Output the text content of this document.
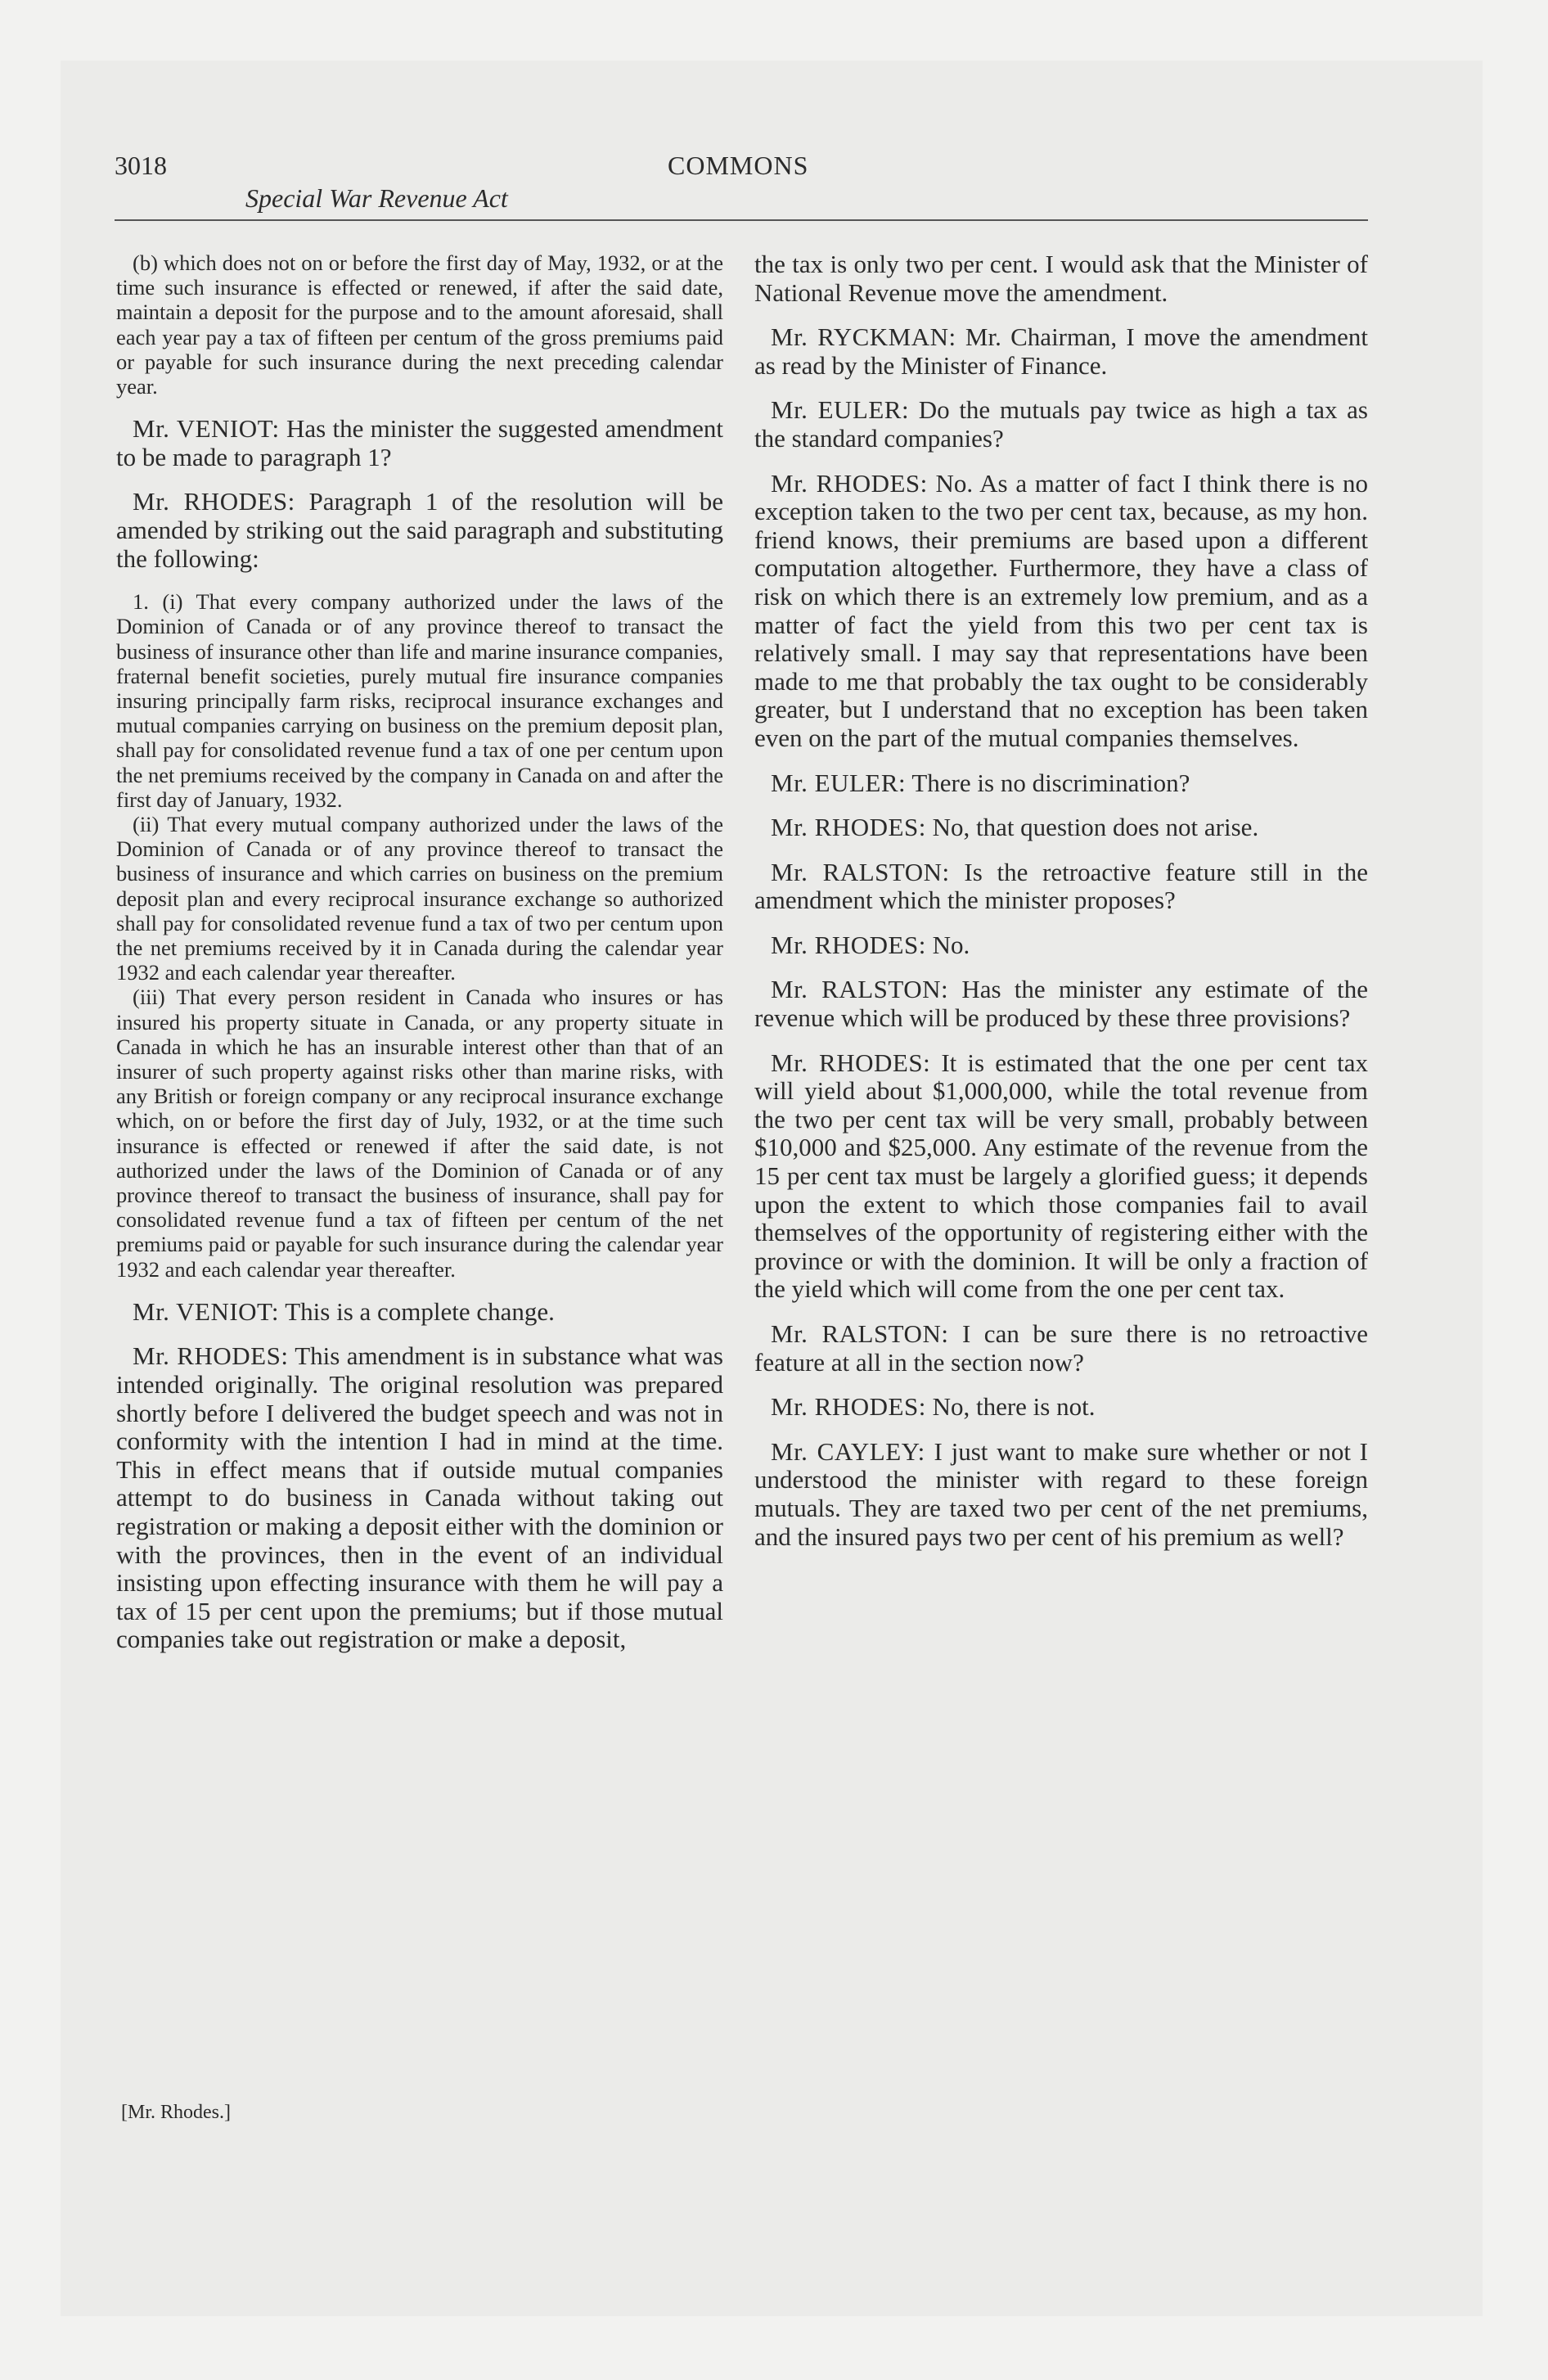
3018
Special War Revenue Act
COMMONS

(b) which does not on or before the first day of May, 1932, or at the time such insurance is effected or renewed, if after the said date, maintain a deposit for the purpose and to the amount aforesaid, shall each year pay a tax of fifteen per centum of the gross premiums paid or payable for such insurance during the next preceding calendar year.

Mr. VENIOT: Has the minister the suggested amendment to be made to paragraph 1?

Mr. RHODES: Paragraph 1 of the resolution will be amended by striking out the said paragraph and substituting the following:

1. (i) That every company authorized under the laws of the Dominion of Canada or of any province thereof to transact the business of insurance other than life and marine insurance companies, fraternal benefit societies, purely mutual fire insurance companies insuring principally farm risks, reciprocal insurance exchanges and mutual companies carrying on business on the premium deposit plan, shall pay for consolidated revenue fund a tax of one per centum upon the net premiums received by the company in Canada on and after the first day of January, 1932.

(ii) That every mutual company authorized under the laws of the Dominion of Canada or of any province thereof to transact the business of insurance and which carries on business on the premium deposit plan and every reciprocal insurance exchange so authorized shall pay for consolidated revenue fund a tax of two per centum upon the net premiums received by it in Canada during the calendar year 1932 and each calendar year thereafter.

(iii) That every person resident in Canada who insures or has insured his property situate in Canada, or any property situate in Canada in which he has an insurable interest other than that of an insurer of such property against risks other than marine risks, with any British or foreign company or any reciprocal insurance exchange which, on or before the first day of July, 1932, or at the time such insurance is effected or renewed if after the said date, is not authorized under the laws of the Dominion of Canada or of any province thereof to transact the business of insurance, shall pay for consolidated revenue fund a tax of fifteen per centum of the net premiums paid or payable for such insurance during the calendar year 1932 and each calendar year thereafter.

Mr. VENIOT: This is a complete change.

Mr. RHODES: This amendment is in substance what was intended originally. The original resolution was prepared shortly before I delivered the budget speech and was not in conformity with the intention I had in mind at the time. This in effect means that if outside mutual companies attempt to do business in Canada without taking out registration or making a deposit either with the dominion or with the provinces, then in the event of an individual insisting upon effecting insurance with them he will pay a tax of 15 per cent upon the premiums; but if those mutual companies take out registration or make a deposit,

the tax is only two per cent. I would ask that the Minister of National Revenue move the amendment.

Mr. RYCKMAN: Mr. Chairman, I move the amendment as read by the Minister of Finance.

Mr. EULER: Do the mutuals pay twice as high a tax as the standard companies?

Mr. RHODES: No. As a matter of fact I think there is no exception taken to the two per cent tax, because, as my hon. friend knows, their premiums are based upon a different computation altogether. Furthermore, they have a class of risk on which there is an extremely low premium, and as a matter of fact the yield from this two per cent tax is relatively small. I may say that representations have been made to me that probably the tax ought to be considerably greater, but I understand that no exception has been taken even on the part of the mutual companies themselves.

Mr. EULER: There is no discrimination?

Mr. RHODES: No, that question does not arise.

Mr. RALSTON: Is the retroactive feature still in the amendment which the minister proposes?

Mr. RHODES: No.

Mr. RALSTON: Has the minister any estimate of the revenue which will be produced by these three provisions?

Mr. RHODES: It is estimated that the one per cent tax will yield about $1,000,000, while the total revenue from the two per cent tax will be very small, probably between $10,000 and $25,000. Any estimate of the revenue from the 15 per cent tax must be largely a glorified guess; it depends upon the extent to which those companies fail to avail themselves of the opportunity of registering either with the province or with the dominion. It will be only a fraction of the yield which will come from the one per cent tax.

Mr. RALSTON: I can be sure there is no retroactive feature at all in the section now?

Mr. RHODES: No, there is not.

Mr. CAYLEY: I just want to make sure whether or not I understood the minister with regard to these foreign mutuals. They are taxed two per cent of the net premiums, and the insured pays two per cent of his premium as well?

[Mr. Rhodes.]
